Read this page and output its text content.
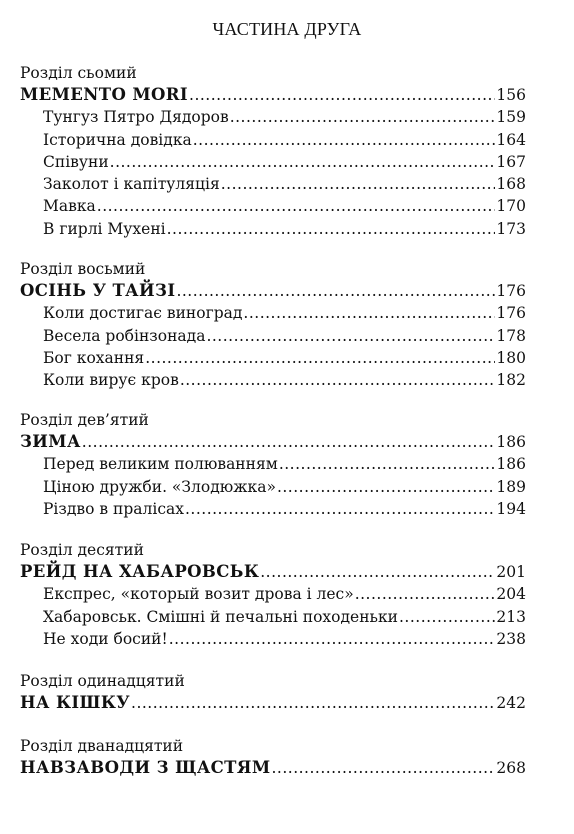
ЧАСТИНА ДРУГА
Розділ сьомий
MEMENTO MORI .....	156
Тунгуз Пятро Дядоров .....	159
Історична довідка .....	164
Співуни .....	167
Заколот і капітуляція .....	168
Мавка .....	170
В гирлі Мухені .....	173
Розділ восьмий
ОСІНЬ У ТАЙЗІ .....	176
Коли достигає виноград .....	176
Весела робінзонада .....	178
Бог кохання .....	180
Коли вирує кров .....	182
Розділ дев’ятий
ЗИМА .....	186
Перед великим полюванням .....	186
Ціною дружби. «Злодюжка» .....	189
Різдво в пралісах .....	194
Розділ десятий
РЕЙД НА ХАБАРОВСЬК .....	201
Експрес, «который возит дрова і лес» .....	204
Хабаровськ. Смішні й печальні походеньки .....	213
Не ходи босий! .....	238
Розділ одинадцятий
НА КІШКУ .....	242
Розділ дванадцятий
НАВЗАВОДИ З ЩАСТЯМ .....	268
